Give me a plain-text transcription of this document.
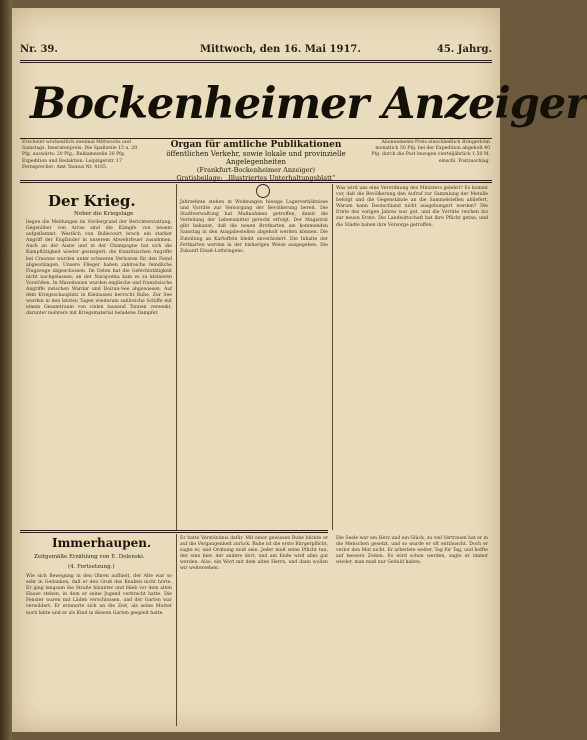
Nr. 39.	Mittwoch, den 16. Mai 1917.	45. Jahrg.
Bockenheimer Anzeiger
Erscheint wöchentlich zweimal Mittwochs und Samstags. Inseratenpreis: Die Spaltzeile 15 u. 20 Pfg. auswärts: 20 Pfg.; Reklamezeile 30 Pfg. Expedition und Redaktion: Leipzigerstr. 17 Fernsprecher: Amt Taunus Nr. 4165.
Organ für amtliche Publikationen
öffentlichen Verkehr, sowie lokale und provinzielle Angelegenheiten
(Frankfurt-Bockenheimer Anzeiger)
Gratisbeilage: „Illustriertes Unterhaltungsblatt“
Abonnements-Preis einschließlich Bringerlohn monatlich 50 Pfg. bei der Expedition abgeholt 40 Pfg. durch die Post bezogen vierteljährlich 1.50 M. einschl. Postzuschlag.
Der Krieg.
Neber die Kriegslage
liegen die Meldungen im Vordergrund der Berichterstattung. Gegenüber von Arras sind die Kämpfe von neuem aufgeflammt. Westlich von Bullecourt brach ein starker Angriff der Engländer in unserem Abwehrfeuer zusammen. Auch an der Aisne und in der Champagne hat sich die Kampftätigkeit wieder gesteigert; die französischen Angriffe bei Craonne wurden unter schweren Verlusten für den Feind abgeschlagen. Unsere Flieger haben zahlreiche feindliche Flugzeuge abgeschossen. Im Osten hat die Gefechtstätigkeit nicht nachgelassen; an der Narajowka kam es zu kleineren Vorstößen. In Mazedonien wurden englische und französische Angriffe zwischen Wardar und Doiran-See abgewiesen. Auf dem Kriegsschauplatz in Kleinasien herrscht Ruhe. Zur See wurden in den letzten Tagen wiederum zahlreiche Schiffe mit einem Gesamtraum von vielen tausend Tonnen versenkt, darunter mehrere mit Kriegsmaterial beladene Dampfer.
Jahrzehnte stehen in Wohnungen hiesige Lagerverhältnisse und Vorräte zur Versorgung der Bevölkerung bereit. Die Stadtverwaltung hat Maßnahmen getroffen, damit die Verteilung der Lebensmittel gerecht erfolgt. Der Magistrat gibt bekannt, daß die neuen Brotkarten am kommenden Samstag in den Ausgabestellen abgeholt werden können. Die Zuteilung an Kartoffeln bleibt unverändert. Die Inhalte der Fettkarten werden in der bisherigen Weise ausgegeben. Die Zukunft Elsaß-Lothringens.
Was wird uns eine Verordnung des Ministers gelehrt? Es kommt vor, daß die Bevölkerung den Aufruf zur Sammlung der Metalle befolgt und die Gegenstände an die Sammelstellen abliefert. Warum kann Deutschland nicht ausgehungert werden? Die Ernte des vorigen Jahres war gut, und die Vorräte reichen bis zur neuen Ernte. Die Landwirtschaft hat ihre Pflicht getan, und die Städte haben ihre Vorsorge getroffen.
Immerhaupen.
Zeitgemäße Erzählung von E. Dolenski.
(4. Fortsetzung.)
Wie sich Bewegung in den Ohren aufhielt, der Alte war so sehr in Gedanken, daß er den Gruß des Knaben nicht hörte. Er ging langsam die Straße hinunter und blieb vor dem alten Hause stehen, in dem er seine Jugend verbracht hatte. Die Fenster waren mit Läden verschlossen, und der Garten war verwildert. Er erinnerte sich an die Zeit, als seine Mutter noch lebte und er als Kind in diesem Garten gespielt hatte.
Er hatte Verständnis dafür. Mit einer gewissen Ruhe blickte er auf die Vergangenheit zurück. Ruhe ist die erste Bürgerpflicht, sagte er, und Ordnung muß sein. Jeder muß seine Pflicht tun, der eine hier, der andere dort, und am Ende wird alles gut werden. Also, ein Wort mit dem alten Herrn, und dann wollen wir weitersehen.
Die Seele war ein Herz und ein Glück, zu viel Vertrauen hat er in die Menschen gesetzt, und so wurde er oft enttäuscht. Doch er verlor den Mut nicht. Er arbeitete weiter, Tag für Tag, und hoffte auf bessere Zeiten. Es wird schon werden, sagte er immer wieder, man muß nur Geduld haben.
